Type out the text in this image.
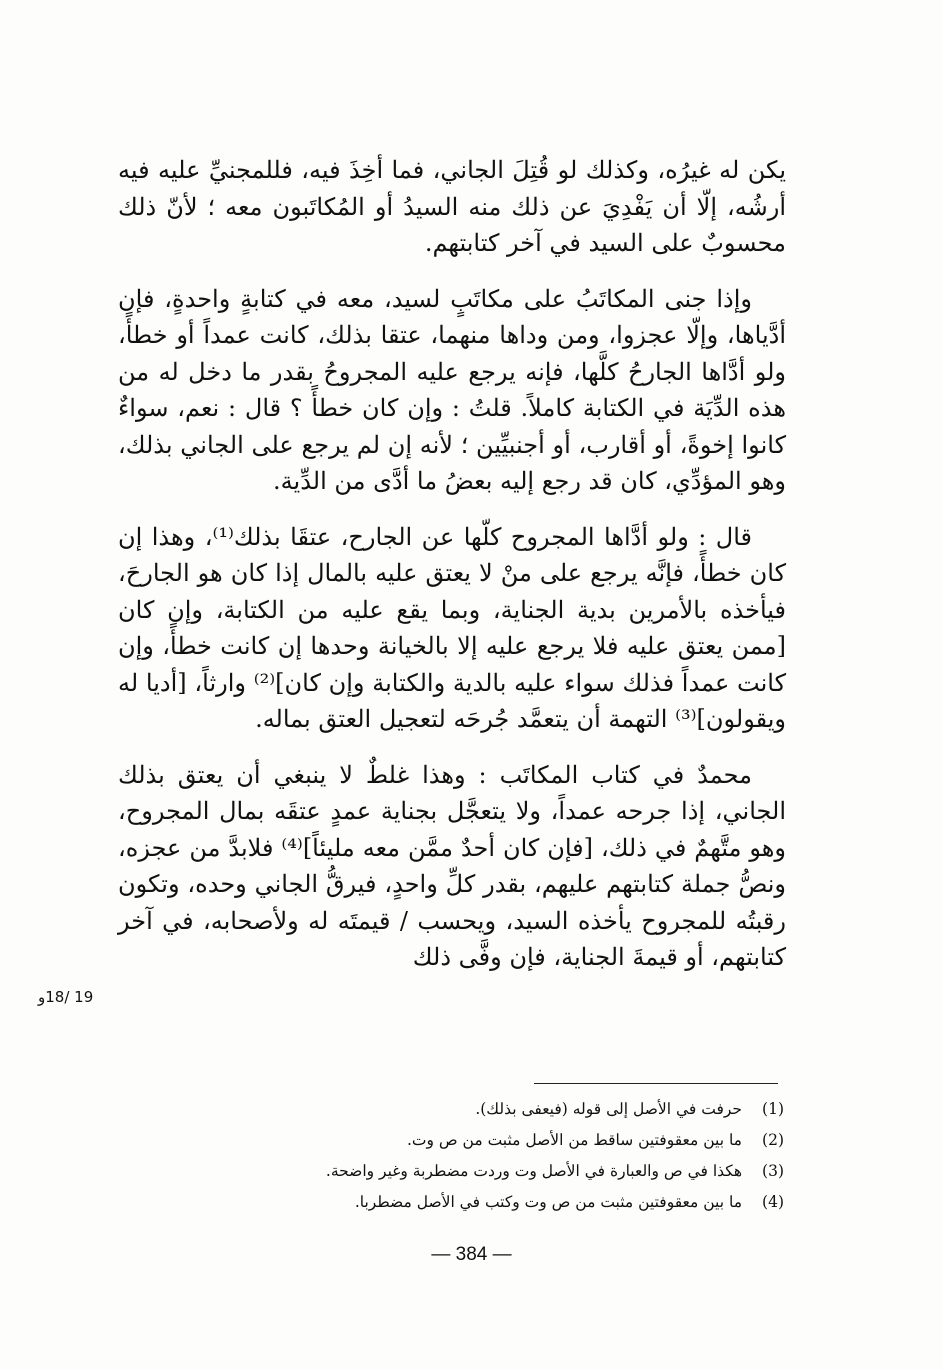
يكن له غيرُه، وكذلك لو قُتِلَ الجاني، فما أخِذَ فيه، فللمجنيِّ عليه فيه أرشُه، إلّا أن يَفْدِيَ عن ذلك منه السيدُ أو المُكاتَبون معه ؛ لأنّ ذلك محسوبٌ على السيد في آخر كتابتهم.

وإذا جنى المكاتَبُ على مكاتَبٍ لسيد، معه في كتابةٍ واحدةٍ، فإن أدَّياها، وإلّا عجزوا، ومن وداها منهما، عتقا بذلك، كانت عمداً أو خطأً، ولو أدَّاها الجارحُ كلَّها، فإنه يرجع عليه المجروحُ بقدر ما دخل له من هذه الدِّيَة في الكتابة كاملاً. قلتُ : وإن كان خطأً ؟ قال : نعم، سواءٌ كانوا إخوةً، أو أقارب، أو أجنبيِّين ؛ لأنه إن لم يرجع على الجاني بذلك، وهو المؤدِّي، كان قد رجع إليه بعضُ ما أدَّى من الدِّية.

قال : ولو أدَّاها المجروح كلّها عن الجارح، عتقَا بذلك⁽¹⁾، وهذا إن كان خطأً، فإنَّه يرجع على منْ لا يعتق عليه بالمال إذا كان هو الجارحَ، فيأخذه بالأمرين بدية الجناية، وبما يقع عليه من الكتابة، وإن كان [ممن يعتق عليه فلا يرجع عليه إلا بالخيانة وحدها إن كانت خطأً، وإن كانت عمداً فذلك سواء عليه بالدية والكتابة وإن كان]⁽²⁾ وارثاً، [أديا له ويقولون]⁽³⁾ التهمة أن يتعمَّد جُرحَه لتعجيل العتق بماله.

محمدٌ في كتاب المكاتَب : وهذا غلطٌ لا ينبغي أن يعتق بذلك الجاني، إذا جرحه عمداً، ولا يتعجَّل بجناية عمدٍ عتقَه بمال المجروح، وهو متَّهمٌ في ذلك، [فإن كان أحدٌ ممَّن معه مليئاً]⁽⁴⁾ فلابدَّ من عجزه، ونصُّ جملة كتابتهم عليهم، بقدر كلِّ واحدٍ، فيرقُّ الجاني وحده، وتكون رقبتُه للمجروح يأخذه السيد، ويحسب / قيمتَه له ولأصحابه، في آخر كتابتهم، أو قيمةَ الجناية، فإن وفَّى ذلك

19 /18و
(1)
حرفت في الأصل إلى قوله (فيعفى بذلك).
(2)
ما بين معقوفتين ساقط من الأصل مثبت من ص وت.
(3)
هكذا في ص والعبارة في الأصل وت وردت مضطربة وغير واضحة.
(4)
ما بين معقوفتين مثبت من ص وت وكتب في الأصل مضطربا.
— 384 —
